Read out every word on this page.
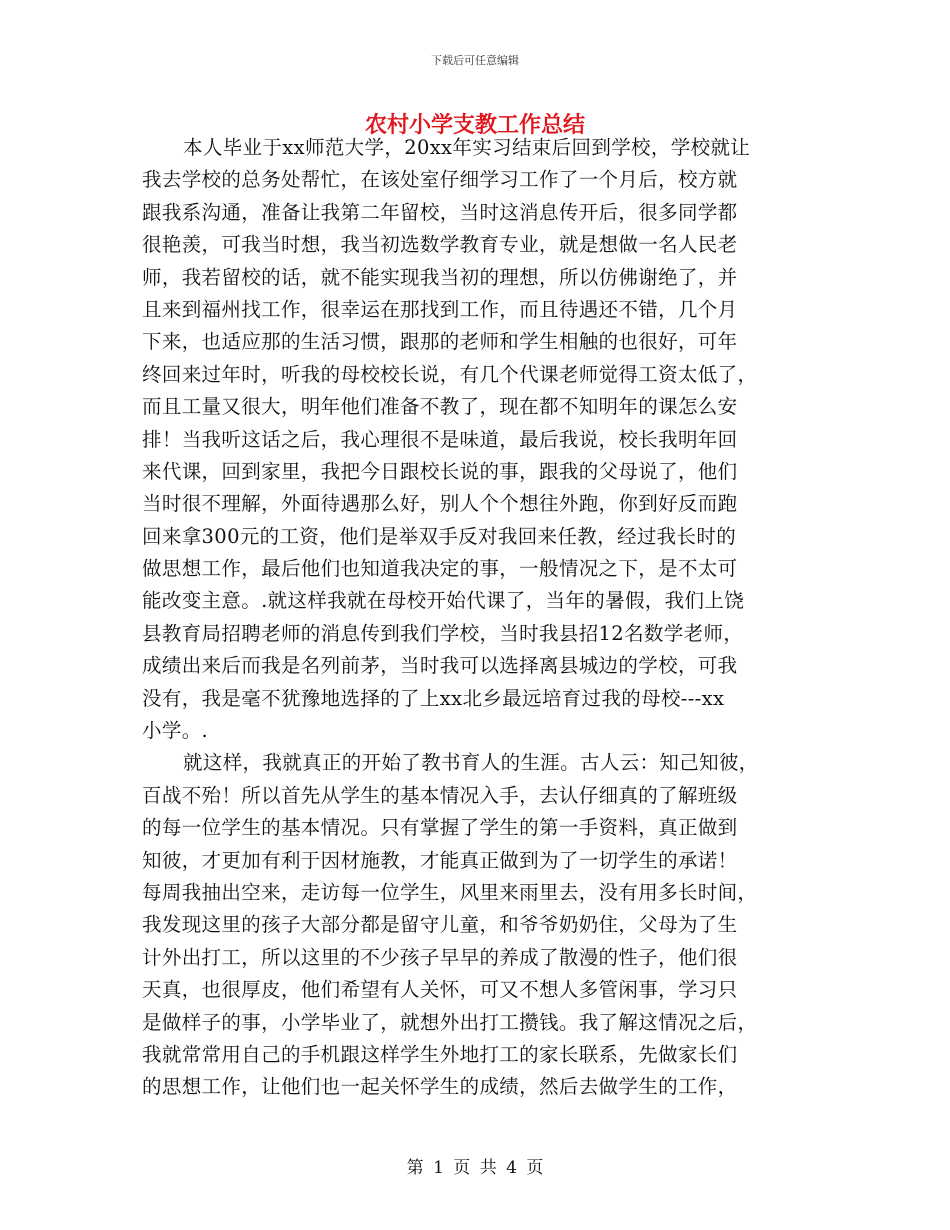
下载后可任意编辑
农村小学支教工作总结
本人毕业于xx师范大学，20xx年实习结束后回到学校，学校就让
我去学校的总务处帮忙，在该处室仔细学习工作了一个月后，校方就
跟我系沟通，准备让我第二年留校，当时这消息传开后，很多同学都
很艳羡，可我当时想，我当初选数学教育专业，就是想做一名人民老
师，我若留校的话，就不能实现我当初的理想，所以仿佛谢绝了，并
且来到福州找工作，很幸运在那找到工作，而且待遇还不错，几个月
下来，也适应那的生活习惯，跟那的老师和学生相触的也很好，可年
终回来过年时，听我的母校校长说，有几个代课老师觉得工资太低了，
而且工量又很大，明年他们准备不教了，现在都不知明年的课怎么安
排！当我听这话之后，我心理很不是味道，最后我说，校长我明年回
来代课，回到家里，我把今日跟校长说的事，跟我的父母说了，他们
当时很不理解，外面待遇那么好，别人个个想往外跑，你到好反而跑
回来拿300元的工资，他们是举双手反对我回来任教，经过我长时的
做思想工作，最后他们也知道我决定的事，一般情况之下，是不太可
能改变主意。.就这样我就在母校开始代课了，当年的暑假，我们上饶
县教育局招聘老师的消息传到我们学校，当时我县招12名数学老师，
成绩出来后而我是名列前茅，当时我可以选择离县城边的学校，可我
没有，我是毫不犹豫地选择的了上xx北乡最远培育过我的母校---xx
小学。.
就这样，我就真正的开始了教书育人的生涯。古人云：知己知彼，
百战不殆！所以首先从学生的基本情况入手，去认仔细真的了解班级
的每一位学生的基本情况。只有掌握了学生的第一手资料，真正做到
知彼，才更加有利于因材施教，才能真正做到为了一切学生的承诺！
每周我抽出空来，走访每一位学生，风里来雨里去，没有用多长时间，
我发现这里的孩子大部分都是留守儿童，和爷爷奶奶住，父母为了生
计外出打工，所以这里的不少孩子早早的养成了散漫的性子，他们很
天真，也很厚皮，他们希望有人关怀，可又不想人多管闲事，学习只
是做样子的事，小学毕业了，就想外出打工攒钱。我了解这情况之后，
我就常常用自己的手机跟这样学生外地打工的家长联系，先做家长们
的思想工作，让他们也一起关怀学生的成绩，然后去做学生的工作，
第 1 页 共 4 页
